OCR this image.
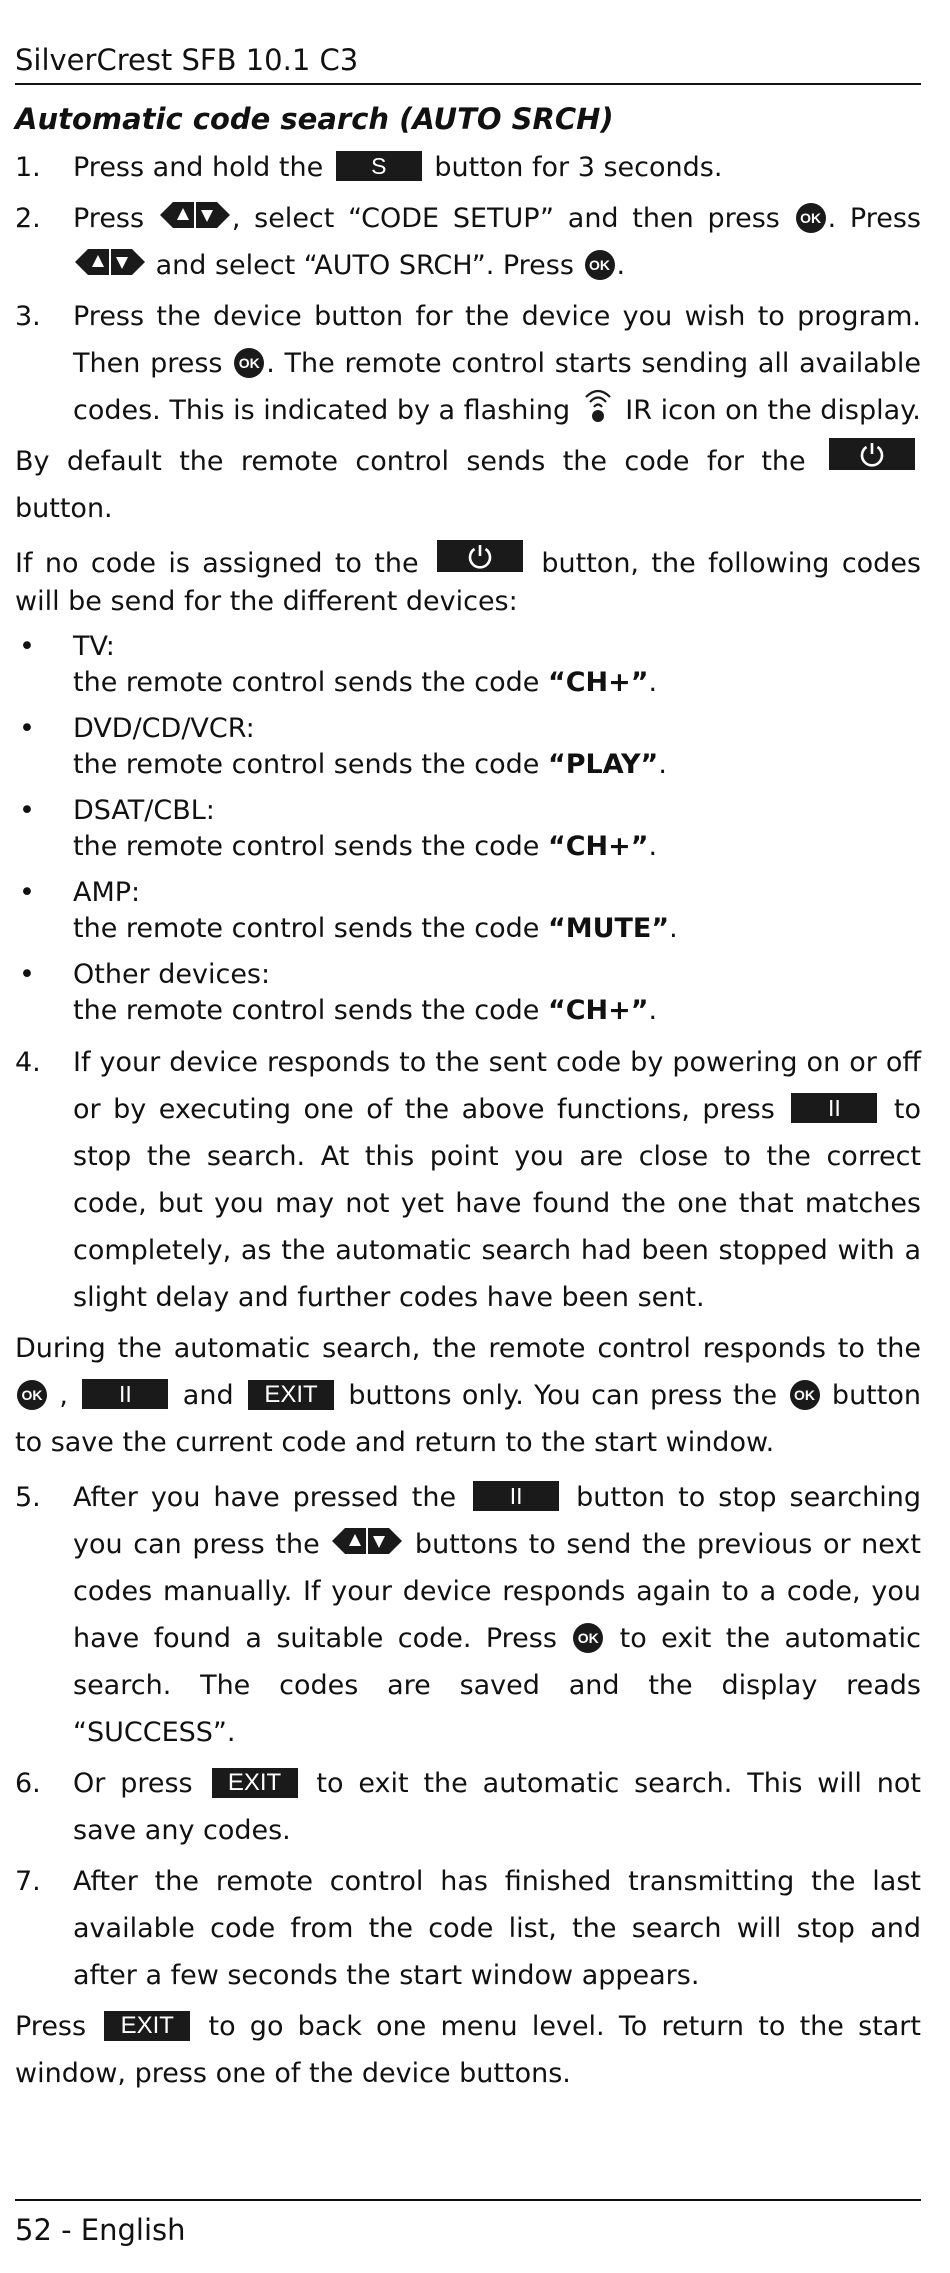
SilverCrest SFB 10.1 C3
Automatic code search (AUTO SRCH)
1. Press and hold the S button for 3 seconds.
2. Press	, select “CODE SETUP” and then press OK . Press
and select “AUTO SRCH”. Press OK .
3. Press the device button for the device you wish to program. Then press OK . The remote control starts sending all available codes. This is indicated by a flashing  IR icon on the display.

By default the remote control sends the code for the
button.

If no code is assigned to the	button, the following codes will be send for the different devices:

• TV:
the remote control sends the code “CH+”.
• DVD/CD/VCR:
the remote control sends the code “PLAY”.
• DSAT/CBL:
the remote control sends the code “CH+”.
• AMP:
the remote control sends the code “MUTE”.
• Other devices:
the remote control sends the code “CH+”.
4. If your device responds to the sent code by powering on or off or by executing one of the above functions, press II to stop the search. At this point you are close to the correct code, but you may not yet have found the one that matches completely, as the automatic search had been stopped with a slight delay and further codes have been sent.

During the automatic search, the remote control responds to the OK , II and EXIT buttons only. You can press the OK button to save the current code and return to the start window.

5. After you have pressed the II button to stop searching you can press the	buttons to send the previous or next codes manually. If your device responds again to a code, you have found a suitable code. Press OK to exit the automatic search. The codes are saved and the display reads “SUCCESS”.
6. Or press EXIT to exit the automatic search. This will not save any codes.
7. After the remote control has finished transmitting the last available code from the code list, the search will stop and after a few seconds the start window appears.

Press EXIT to go back one menu level. To return to the start window, press one of the device buttons.

52 - English
